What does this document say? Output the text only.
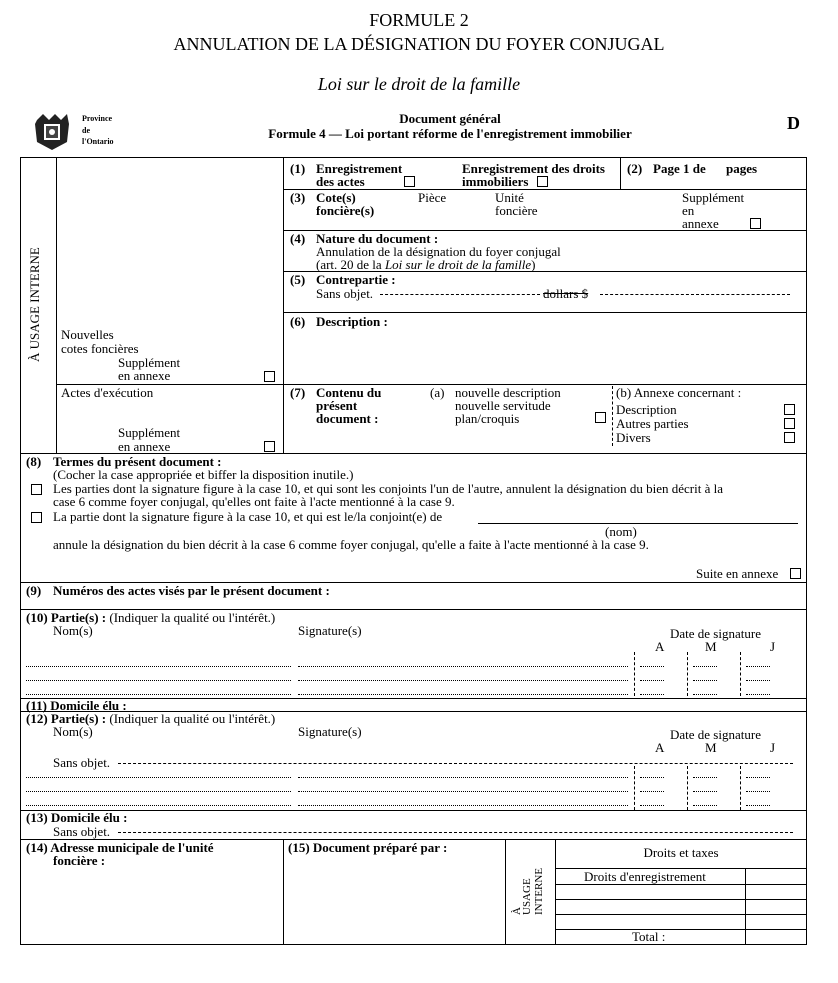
FORMULE 2
ANNULATION DE LA DÉSIGNATION DU FOYER CONJUGAL
Loi sur le droit de la famille
Province
de
l'Ontario
Document général
Formule 4 — Loi portant réforme de l'enregistrement immobilier
D
À USAGE INTERNE Nouvelles
cotes foncières
Supplément
en annexe
Actes d'exécution
Supplément
en annexe
(1) Enregistrement
des actes
Enregistrement des droits
immobiliers
(2) Page 1 de pages
(3) Cote(s)
foncière(s)
Pièce	Unité
foncière
Supplément
en
annexe
(4) Nature du document :
Annulation de la désignation du foyer conjugal
(art. 20 de la Loi sur le droit de la famille)
(5) Contrepartie :
Sans objet.	dollars $
(6) Description :
(7) Contenu du
présent
document :
(a) nouvelle description
nouvelle servitude
plan/croquis
(b) Annexe concernant :
Description
Autres parties
Divers
(8) Termes du présent document :
(Cocher la case appropriée et biffer la disposition inutile.)
Les parties dont la signature figure à la case 10, et qui sont les conjoints l'un de l'autre, annulent la désignation du bien décrit à la
case 6 comme foyer conjugal, qu'elles ont faite à l'acte mentionné à la case 9.
La partie dont la signature figure à la case 10, et qui est le/la conjoint(e) de
(nom)
annule la désignation du bien décrit à la case 6 comme foyer conjugal, qu'elle a faite à l'acte mentionné à la case 9.
Suite en annexe
(9) Numéros des actes visés par le présent document :
(10) Partie(s) : (Indiquer la qualité ou l'intérêt.)
Nom(s)	Signature(s)	Date de signature
A	M	J
(11) Domicile élu :
(12) Partie(s) : (Indiquer la qualité ou l'intérêt.)
Nom(s)	Signature(s)	Date de signature
A	M	J
Sans objet.
(13) Domicile élu :
Sans objet.
(14) Adresse municipale de l'unité
foncière :
(15) Document préparé par :
À
USAGE INTERNE
Droits et taxes
Droits d'enregistrement
Total :
